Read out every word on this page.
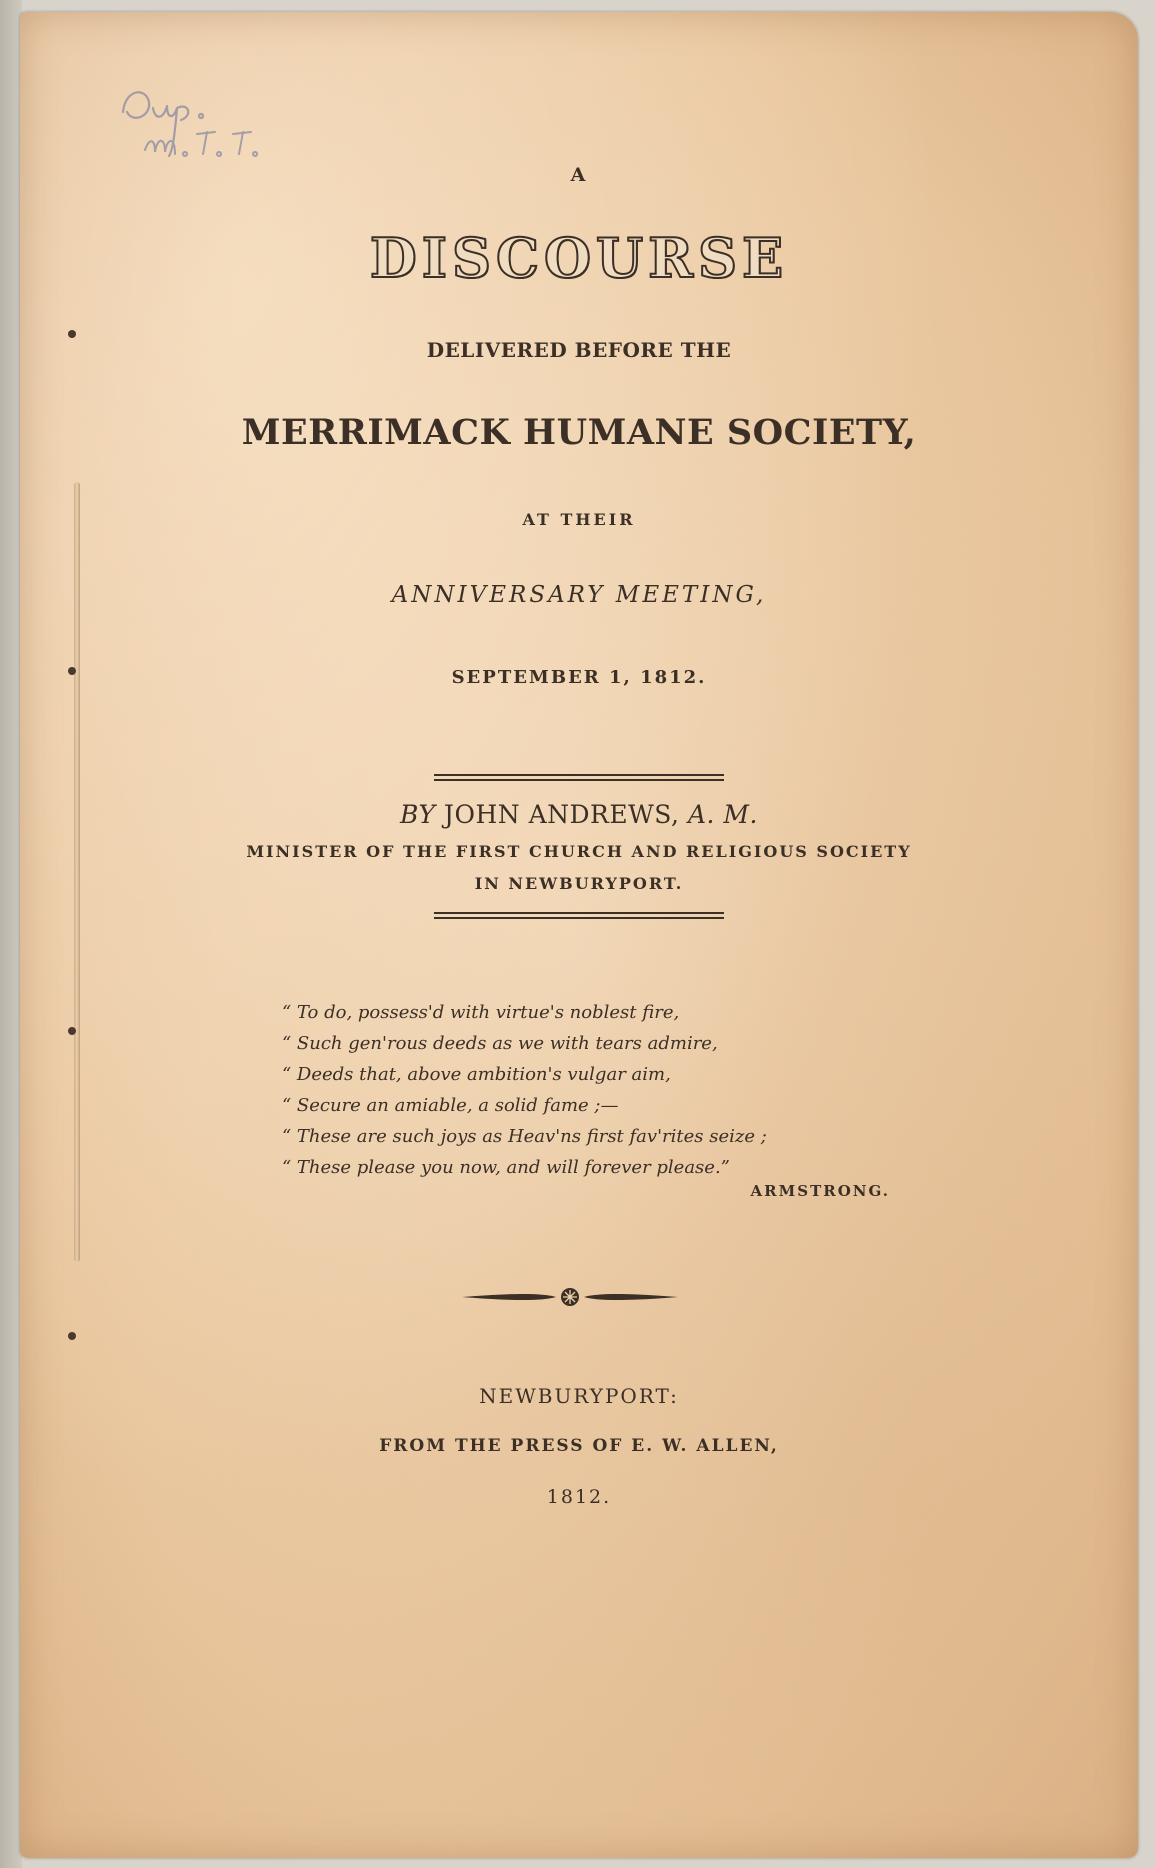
A
DISCOURSE
DELIVERED BEFORE THE
MERRIMACK HUMANE SOCIETY,
AT THEIR
ANNIVERSARY MEETING,
SEPTEMBER 1, 1812.
BY JOHN ANDREWS, A. M.
MINISTER OF THE FIRST CHURCH AND RELIGIOUS SOCIETY
IN NEWBURYPORT.
“ To do, possess'd with virtue's noblest fire,
“ Such gen'rous deeds as we with tears admire,
“ Deeds that, above ambition's vulgar aim,
“ Secure an amiable, a solid fame ;—
“ These are such joys as Heav'ns first fav'rites seize ;
“ These please you now, and will forever please.”
ARMSTRONG.
NEWBURYPORT:
FROM THE PRESS OF E. W. ALLEN,
1812.
